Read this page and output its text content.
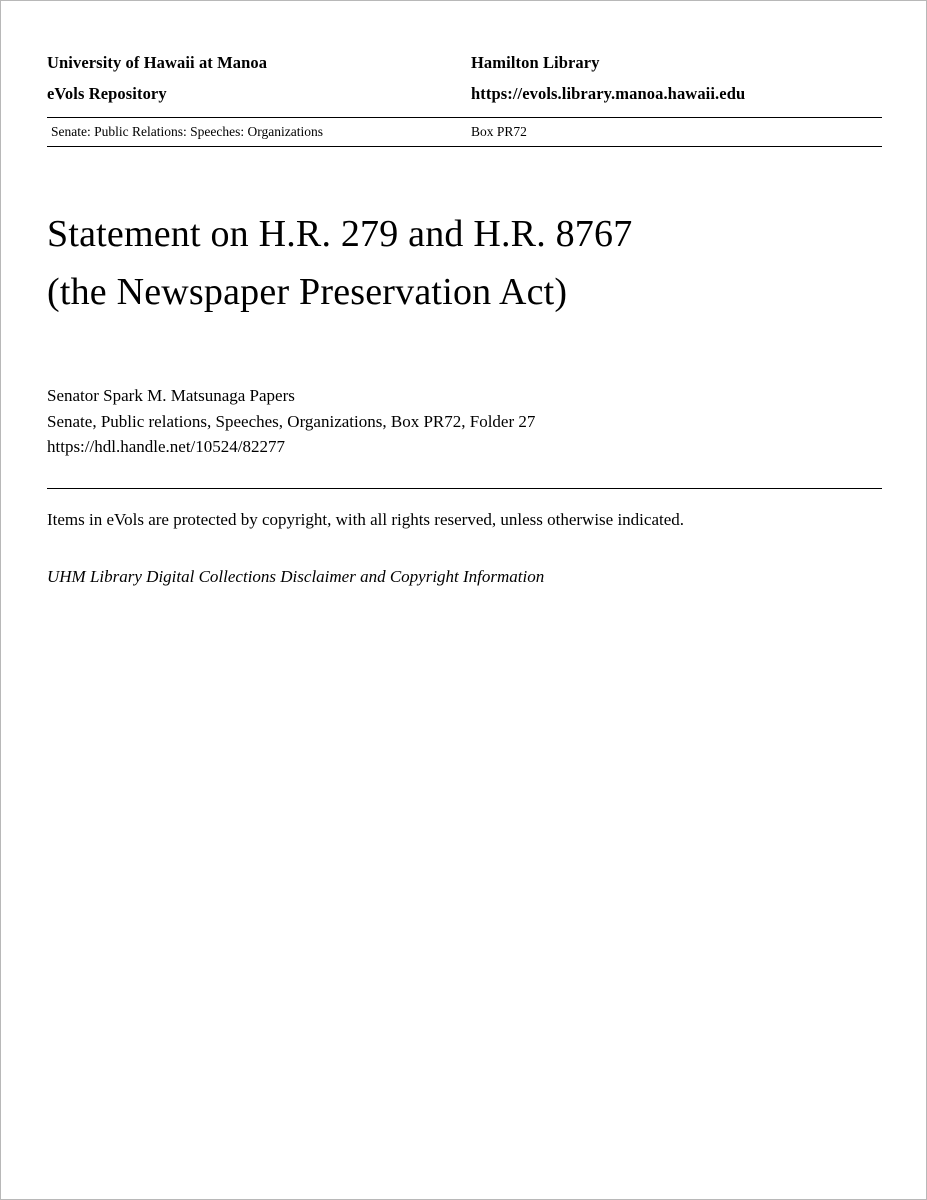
University of Hawaii at Manoa	Hamilton Library
eVols Repository	https://evols.library.manoa.hawaii.edu
Senate: Public Relations: Speeches: Organizations	Box PR72
Statement on H.R. 279 and H.R. 8767
(the Newspaper Preservation Act)
Senator Spark M. Matsunaga Papers
Senate, Public relations, Speeches, Organizations, Box PR72, Folder 27
https://hdl.handle.net/10524/82277
Items in eVols are protected by copyright, with all rights reserved, unless otherwise indicated.
UHM Library Digital Collections Disclaimer and Copyright Information
